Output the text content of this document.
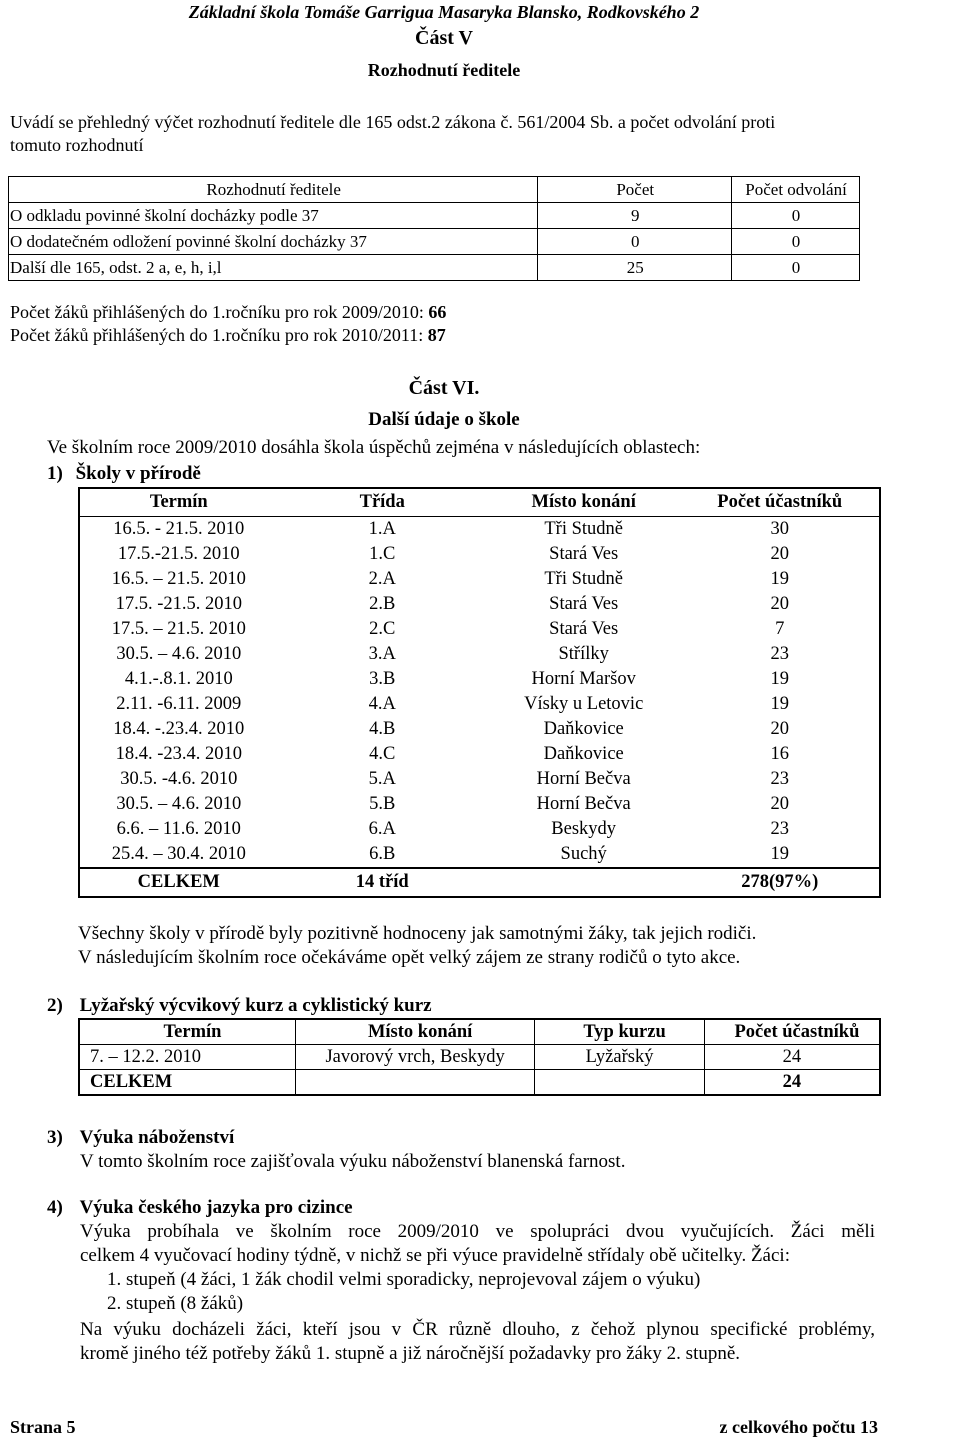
Základní škola Tomáše Garrigua Masaryka Blansko, Rodkovského 2
Část V
Rozhodnutí ředitele
Uvádí se přehledný výčet rozhodnutí ředitele dle 165 odst.2 zákona č. 561/2004 Sb. a počet odvolání proti
tomuto rozhodnutí
Rozhodnutí ředitele	Počet	Počet odvolání
O odkladu povinné školní docházky podle 37	9	0
O dodatečném odložení povinné školní docházky 37	0	0
Další dle 165, odst. 2 a, e, h, i,l	25	0
Počet žáků přihlášených do 1.ročníku pro rok 2009/2010: 66
Počet žáků přihlášených do 1.ročníku pro rok 2010/2011: 87
Část VI.
Další údaje o škole
Ve školním roce 2009/2010 dosáhla škola úspěchů zejména v následujících oblastech:
1) Školy v přírodě
Termín	Třída	Místo konání	Počet účastníků
16.5. - 21.5. 2010	1.A	Tři Studně	30
17.5.-21.5. 2010	1.C	Stará Ves	20
16.5. – 21.5. 2010	2.A	Tři Studně	19
17.5. -21.5. 2010	2.B	Stará Ves	20
17.5. – 21.5. 2010	2.C	Stará Ves	7
30.5. – 4.6. 2010	3.A	Střílky	23
4.1.-.8.1. 2010	3.B	Horní Maršov	19
2.11. -6.11. 2009	4.A	Vísky u Letovic	19
18.4. -.23.4. 2010	4.B	Daňkovice	20
18.4. -23.4. 2010	4.C	Daňkovice	16
30.5. -4.6. 2010	5.A	Horní Bečva	23
30.5. – 4.6. 2010	5.B	Horní Bečva	20
6.6. – 11.6. 2010	6.A	Beskydy	23
25.4. – 30.4. 2010	6.B	Suchý	19
CELKEM	14 tříd		278(97%)
Všechny školy v přírodě byly pozitivně hodnoceny jak samotnými žáky, tak jejich rodiči.
V následujícím školním roce očekáváme opět velký zájem ze strany rodičů o tyto akce.
2) Lyžařský výcvikový kurz a cyklistický kurz
Termín	Místo konání	Typ kurzu	Počet účastníků
7. – 12.2. 2010	Javorový vrch, Beskydy	Lyžařský	24
CELKEM			24
3) Výuka náboženství
V tomto školním roce zajišťovala výuku náboženství blanenská farnost.
4) Výuka českého jazyka pro cizince
Výuka probíhala ve školním roce 2009/2010 ve spolupráci dvou vyučujících. Žáci měli
celkem 4 vyučovací hodiny týdně, v nichž se při výuce pravidelně střídaly obě učitelky. Žáci:
1. stupeň (4 žáci, 1 žák chodil velmi sporadicky, neprojevoval zájem o výuku)
2. stupeň (8 žáků)
Na výuku docházeli žáci, kteří jsou v ČR různě dlouho, z čehož plynou specifické problémy,
kromě jiného též potřeby žáků 1. stupně a již náročnější požadavky pro žáky 2. stupně.
Strana 5	z celkového počtu 13
